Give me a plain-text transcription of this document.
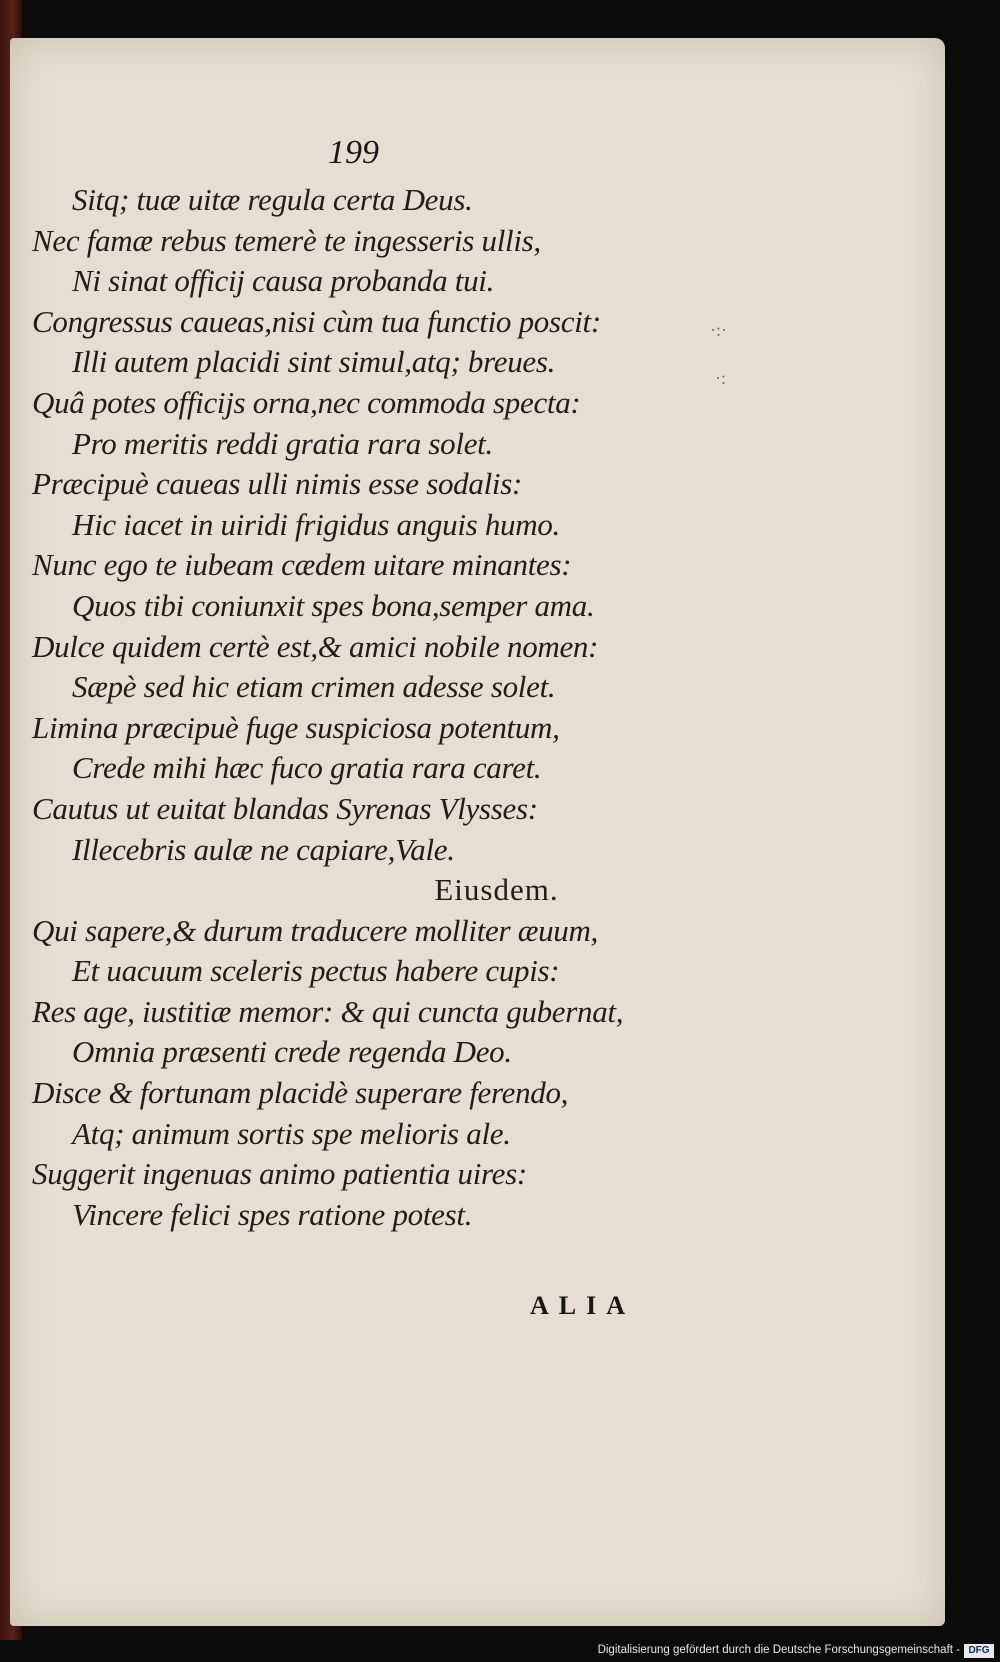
199

·:·
·:

Sitq; tuæ uitæ regula certa Deus.

Nec famæ rebus temerè te ingesseris ullis,

Ni sinat officij causa probanda tui.

Congressus caueas,nisi cùm tua functio poscit:

Illi autem placidi sint simul,atq; breues.

Quâ potes officijs orna,nec commoda specta:

Pro meritis reddi gratia rara solet.

Præcipuè caueas ulli nimis esse sodalis:

Hic iacet in uiridi frigidus anguis humo.

Nunc ego te iubeam cædem uitare minantes:

Quos tibi coniunxit spes bona,semper ama.

Dulce quidem certè est,& amici nobile nomen:

Sæpè sed hic etiam crimen adesse solet.

Limina præcipuè fuge suspiciosa potentum,

Crede mihi hæc fuco gratia rara caret.

Cautus ut euitat blandas Syrenas Vlysses:

Illecebris aulæ ne capiare,Vale.

Eiusdem.

Qui sapere,& durum traducere molliter æuum,

Et uacuum sceleris pectus habere cupis:

Res age, iustitiæ memor: & qui cuncta gubernat,

Omnia præsenti crede regenda Deo.

Disce & fortunam placidè superare ferendo,

Atq; animum sortis spe melioris ale.

Suggerit ingenuas animo patientia uires:

Vincere felici spes ratione potest.

ALIA

Digitalisierung gefördert durch die Deutsche Forschungsgemeinschaft - DFG
